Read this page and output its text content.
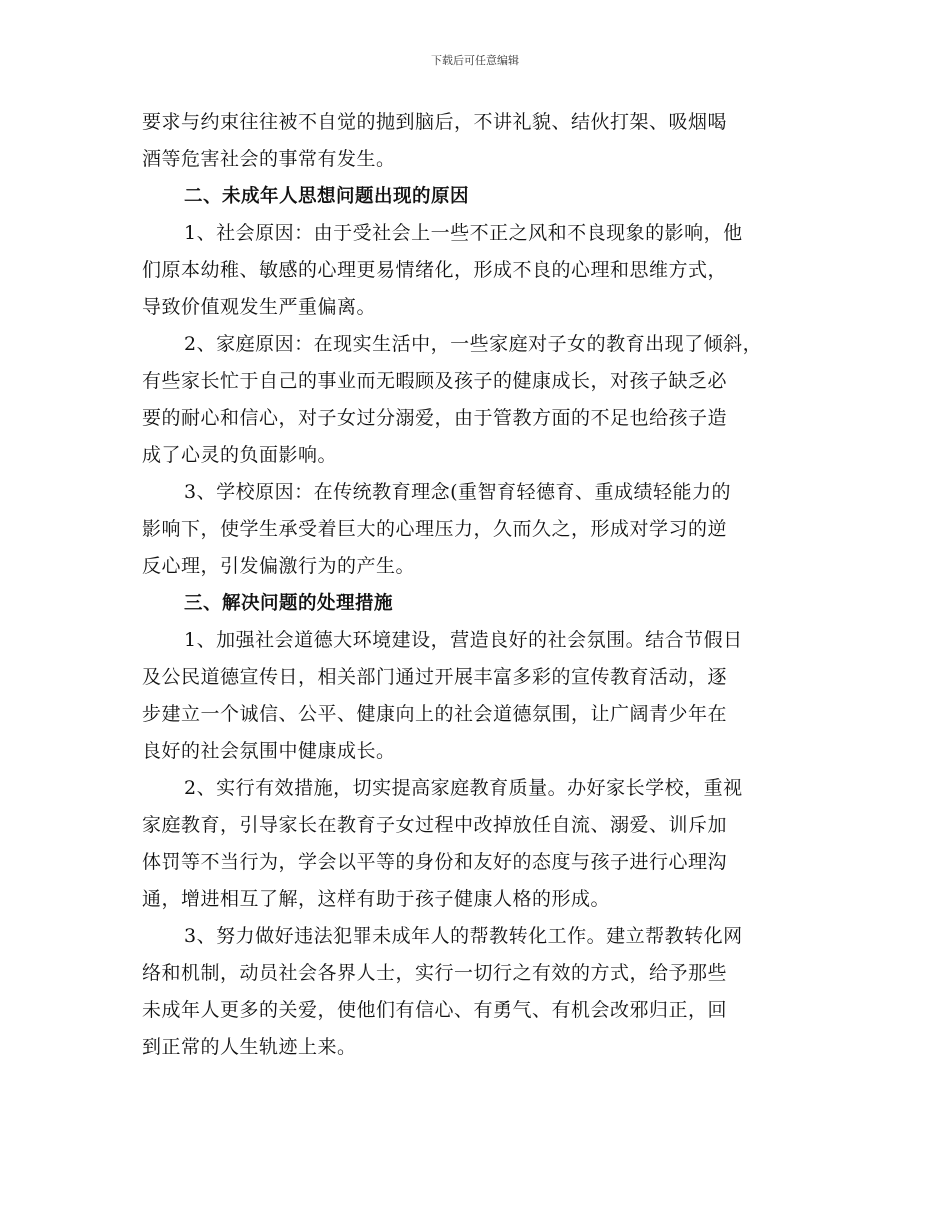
下载后可任意编辑
要求与约束往往被不自觉的抛到脑后，不讲礼貌、结伙打架、吸烟喝
酒等危害社会的事常有发生。
二、未成年人思想问题出现的原因
1、社会原因：由于受社会上一些不正之风和不良现象的影响，他
们原本幼稚、敏感的心理更易情绪化，形成不良的心理和思维方式，
导致价值观发生严重偏离。
2、家庭原因：在现实生活中，一些家庭对子女的教育出现了倾斜，
有些家长忙于自己的事业而无暇顾及孩子的健康成长，对孩子缺乏必
要的耐心和信心，对子女过分溺爱，由于管教方面的不足也给孩子造
成了心灵的负面影响。
3、学校原因：在传统教育理念(重智育轻德育、重成绩轻能力的
影响下，使学生承受着巨大的心理压力，久而久之，形成对学习的逆
反心理，引发偏激行为的产生。
三、解决问题的处理措施
1、加强社会道德大环境建设，营造良好的社会氛围。结合节假日
及公民道德宣传日，相关部门通过开展丰富多彩的宣传教育活动，逐
步建立一个诚信、公平、健康向上的社会道德氛围，让广阔青少年在
良好的社会氛围中健康成长。
2、实行有效措施，切实提高家庭教育质量。办好家长学校，重视
家庭教育，引导家长在教育子女过程中改掉放任自流、溺爱、训斥加
体罚等不当行为，学会以平等的身份和友好的态度与孩子进行心理沟
通，增进相互了解，这样有助于孩子健康人格的形成。
3、努力做好违法犯罪未成年人的帮教转化工作。建立帮教转化网
络和机制，动员社会各界人士，实行一切行之有效的方式，给予那些
未成年人更多的关爱，使他们有信心、有勇气、有机会改邪归正，回
到正常的人生轨迹上来。
